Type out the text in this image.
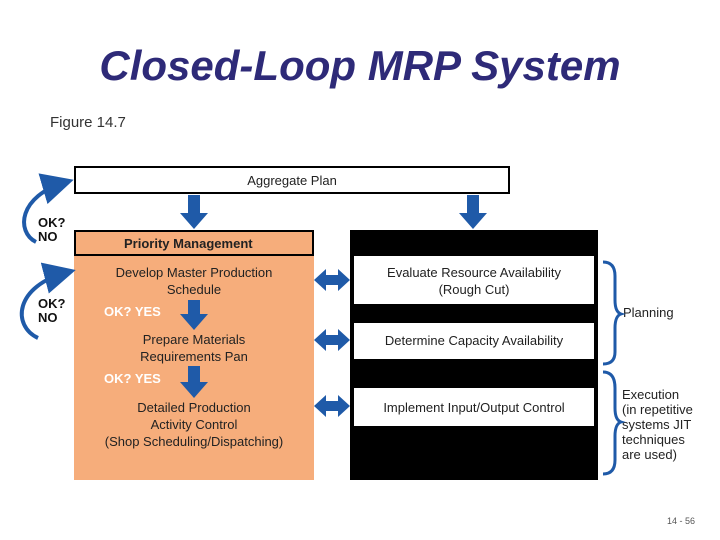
Closed-Loop MRP System
Figure 14.7
Aggregate Plan
Priority Management
Develop Master Production
Schedule
OK? YES
Prepare Materials
Requirements Pan
OK? YES
Detailed Production
Activity Control
(Shop Scheduling/Dispatching)
Evaluate Resource Availability
(Rough Cut)
Determine Capacity Availability
Implement Input/Output Control
OK?
NO
OK?
NO	Planning
Execution
(in repetitive
systems JIT
techniques
are used)
14 - 56
